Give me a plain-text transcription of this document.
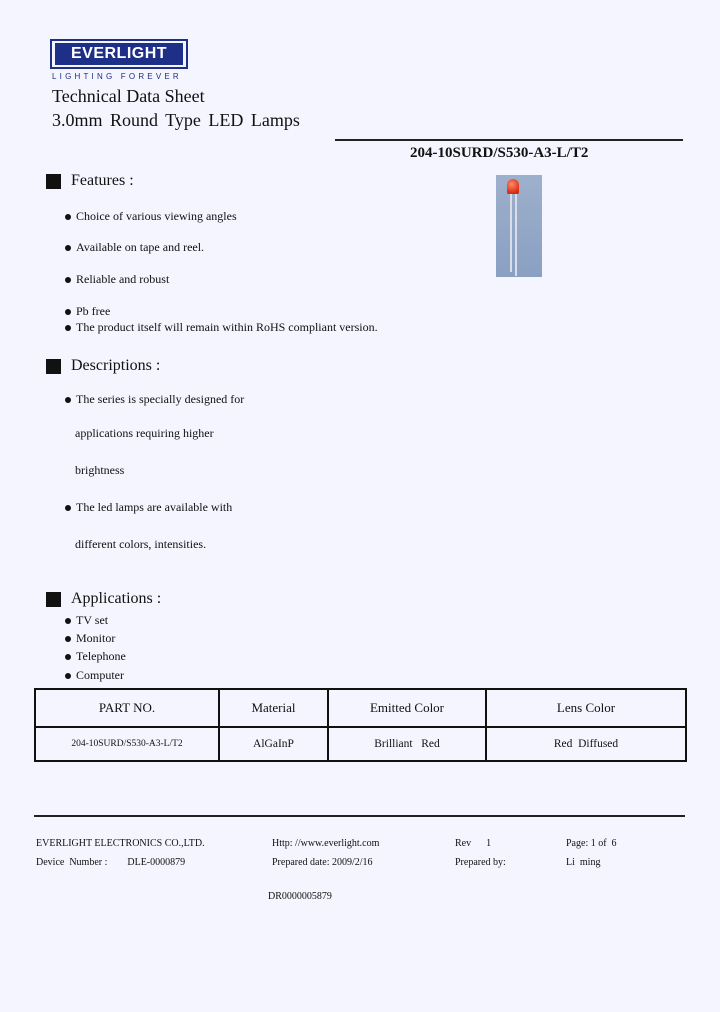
EVERLIGHT
LIGHTING FOREVER
Technical Data Sheet
3.0mm Round Type LED Lamps
204-10SURD/S530-A3-L/T2
Features :
Choice of various viewing angles
Available on tape and reel.
Reliable and robust
Pb free
The product itself will remain within RoHS compliant version.
Descriptions :
The series is specially designed for
applications requiring higher
brightness
The led lamps are available with
different colors, intensities.
Applications :
TV set
Monitor
Telephone
Computer
PART NO.	Material	Emitted Color	Lens Color
204-10SURD/S530-A3-L/T2	AlGaInP	Brilliant   Red	Red  Diffused
EVERLIGHT ELECTRONICS CO.,LTD.	Http: //www.everlight.com	Rev      1	Page: 1 of  6
Device  Number :        DLE-0000879	Prepared date: 2009/2/16	Prepared by:	Li  ming
DR0000005879
